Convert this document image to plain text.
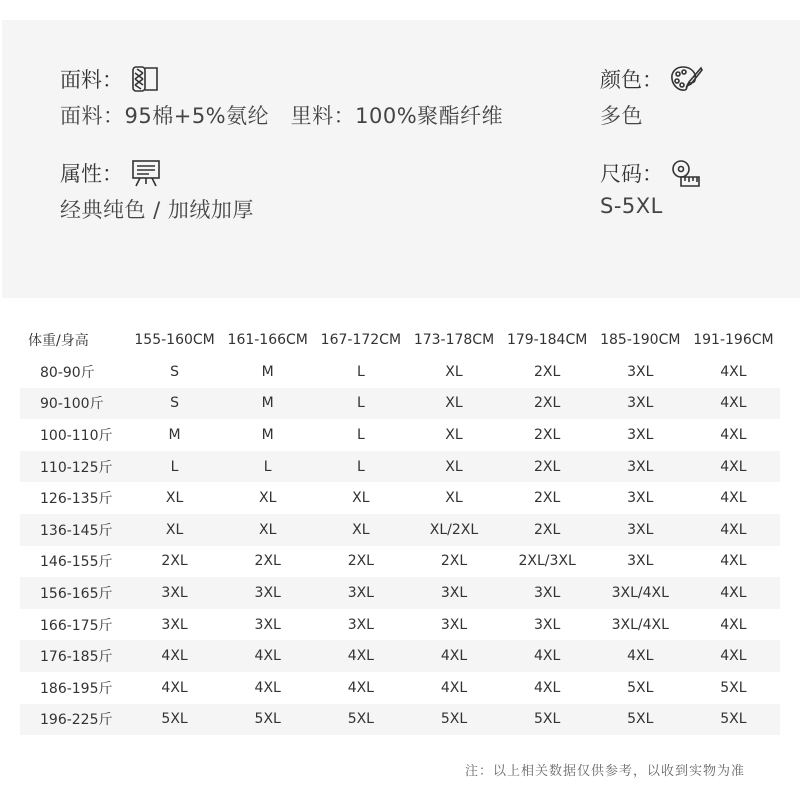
面料 ：
面料：95棉+5%氨纶　里料：100%聚酯纤维
颜色 ：
多色
属性 ：
经典纯色 / 加绒加厚
尺码 ：
S-5XL
体重/身高	155-160CM	161-166CM	167-172CM	173-178CM	179-184CM	185-190CM	191-196CM
80-90斤	S	M	L	XL	2XL	3XL	4XL
90-100斤	S	M	L	XL	2XL	3XL	4XL
100-110斤	M	M	L	XL	2XL	3XL	4XL
110-125斤	L	L	L	XL	2XL	3XL	4XL
126-135斤	XL	XL	XL	XL	2XL	3XL	4XL
136-145斤	XL	XL	XL	XL/2XL	2XL	3XL	4XL
146-155斤	2XL	2XL	2XL	2XL	2XL/3XL	3XL	4XL
156-165斤	3XL	3XL	3XL	3XL	3XL	3XL/4XL	4XL
166-175斤	3XL	3XL	3XL	3XL	3XL	3XL/4XL	4XL
176-185斤	4XL	4XL	4XL	4XL	4XL	4XL	4XL
186-195斤	4XL	4XL	4XL	4XL	4XL	5XL	5XL
196-225斤	5XL	5XL	5XL	5XL	5XL	5XL	5XL
注：以上相关数据仅供参考，以收到实物为准
